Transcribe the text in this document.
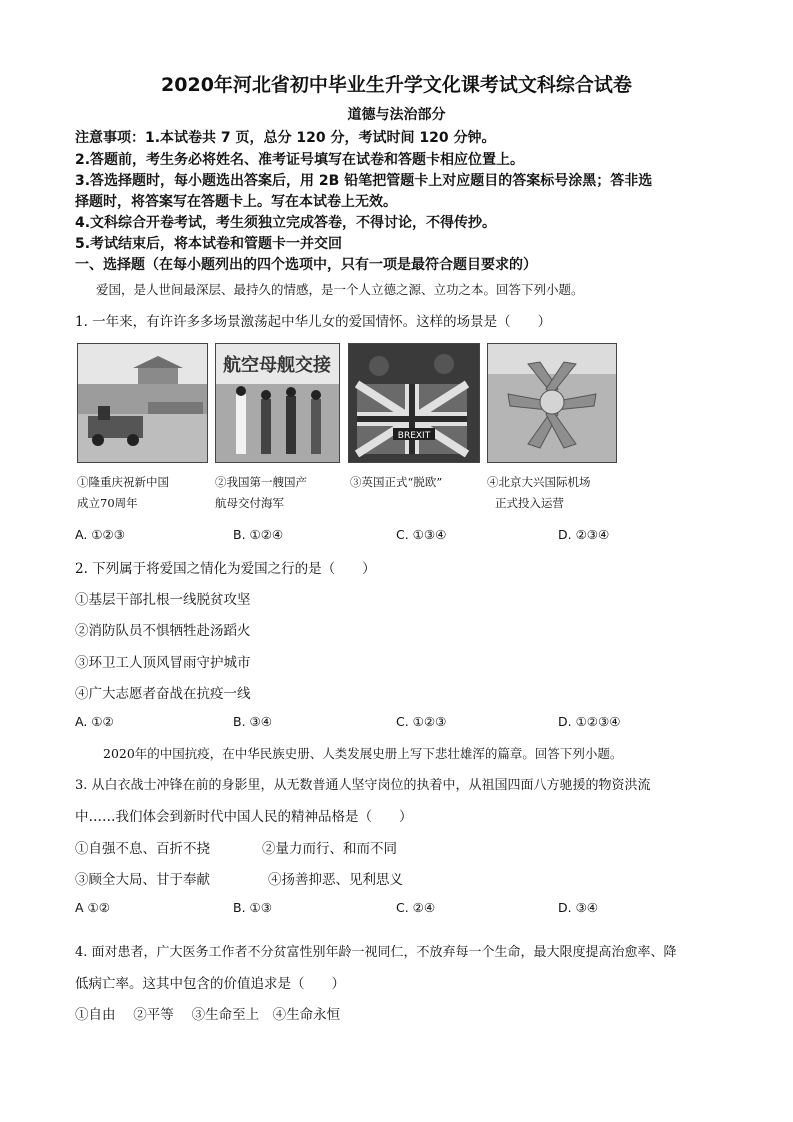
2020年河北省初中毕业生升学文化课考试文科综合试卷
道德与法治部分
注意事项：1.本试卷共 7 页，总分 120 分，考试时间 120 分钟。
2.答题前，考生务必将姓名、准考证号填写在试卷和答题卡相应位置上。
3.答选择题时，每小题选出答案后，用 2B 铅笔把管题卡上对应题目的答案标号涂黑；答非选
择题时，将答案写在答题卡上。写在本试卷上无效。
4.文科综合开卷考试，考生须独立完成答卷，不得讨论，不得传抄。
5.考试结束后，将本试卷和管题卡一并交回
一、选择题（在每小题列出的四个选项中，只有一项是最符合题目要求的）
爱国，是人世间最深层、最持久的情感，是一个人立德之源、立功之本。回答下列小题。
1. 一年来，有许许多多场景激荡起中华儿女的爱国情怀。这样的场景是（　　）
航空母舰交接
BREXIT
①隆重庆祝新中国
成立70周年
②我国第一艘国产
航母交付海军
③英国正式“脱欧”	④北京大兴国际机场
正式投入运营
A. ①②③	B. ①②④	C. ①③④	D. ②③④
2. 下列属于将爱国之情化为爱国之行的是（　　）
①基层干部扎根一线脱贫攻坚
②消防队员不惧牺牲赴汤蹈火
③环卫工人顶风冒雨守护城市
④广大志愿者奋战在抗疫一线
A. ①②	B. ③④	C. ①②③	D. ①②③④
2020年的中国抗疫，在中华民族史册、人类发展史册上写下悲壮雄浑的篇章。回答下列小题。
3. 从白衣战士冲锋在前的身影里，从无数普通人坚守岗位的执着中，从祖国四面八方驰援的物资洪流
中……我们体会到新时代中国人民的精神品格是（　　）
①自强不息、百折不挠	②量力而行、和而不同
③顾全大局、甘于奉献	④扬善抑恶、见利思义
A ①②	B. ①③	C. ②④	D. ③④
4. 面对患者，广大医务工作者不分贫富性别年龄一视同仁，不放弃每一个生命，最大限度提高治愈率、降
低病亡率。这其中包含的价值追求是（　　）
①自由　 ②平等　 ③生命至上　④生命永恒
